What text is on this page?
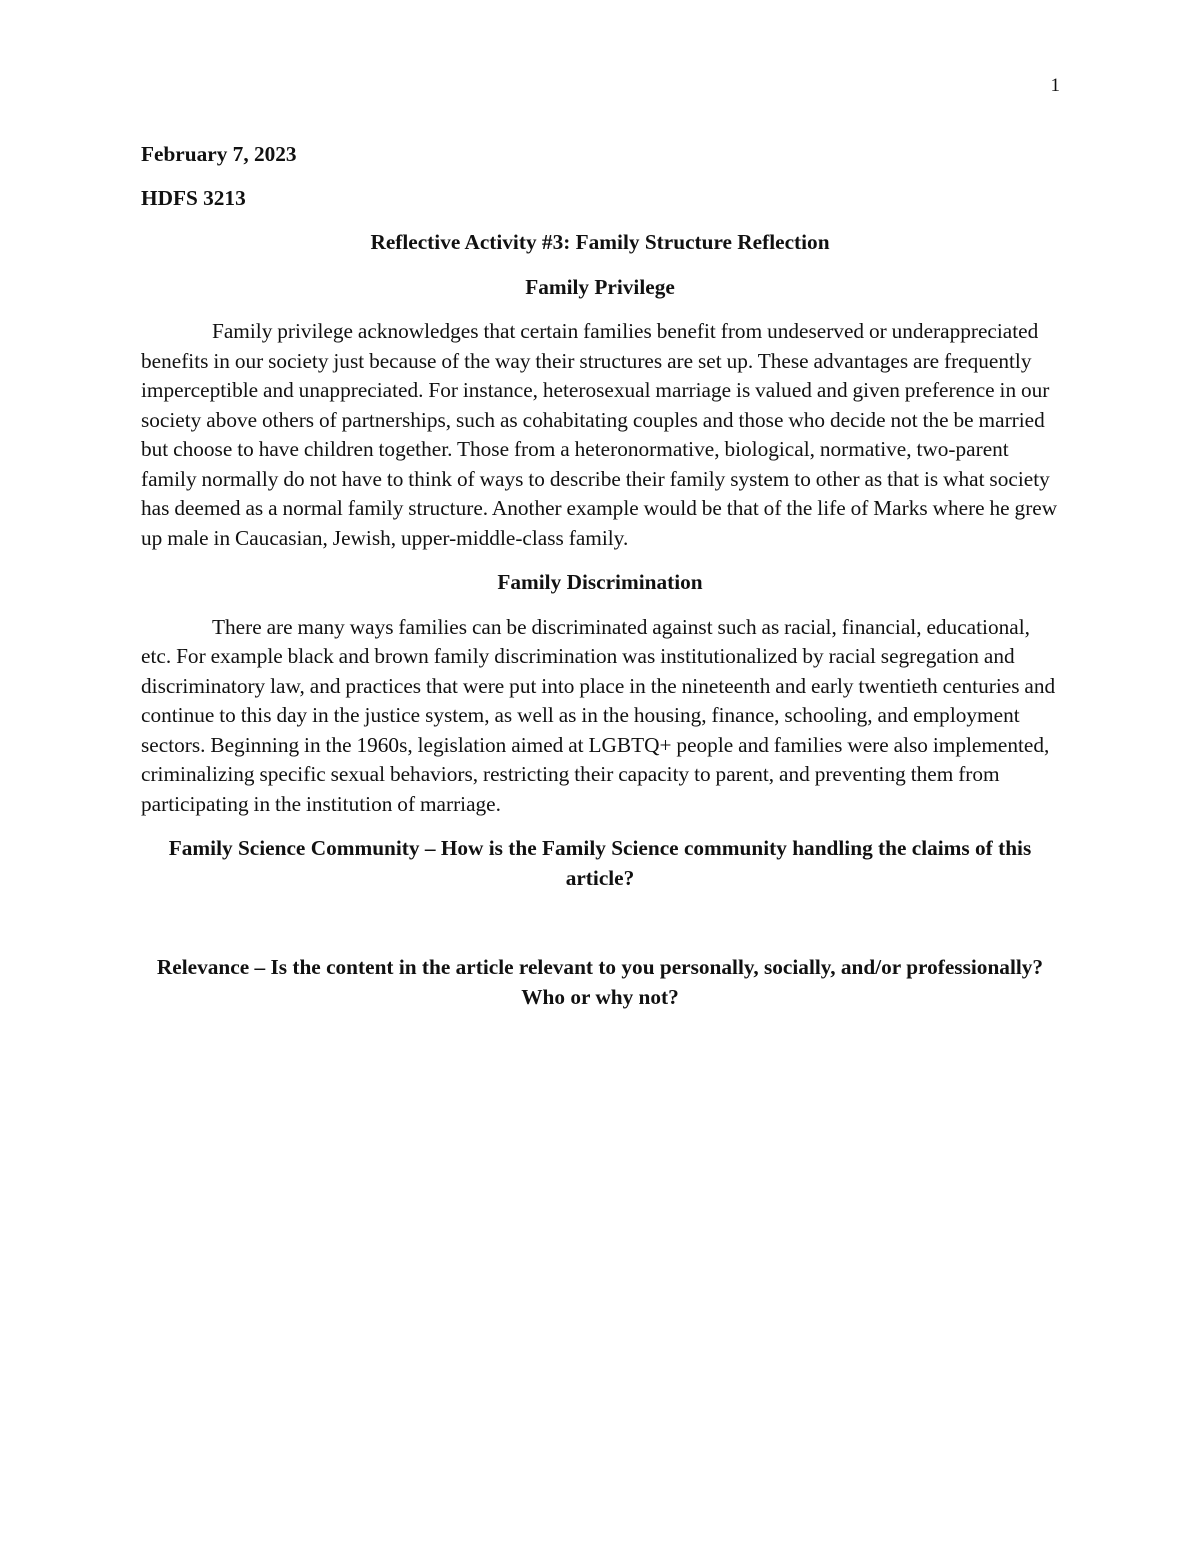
1
February 7, 2023
HDFS 3213
Reflective Activity #3: Family Structure Reflection
Family Privilege

Family privilege acknowledges that certain families benefit from undeserved or underappreciated benefits in our society just because of the way their structures are set up. These advantages are frequently imperceptible and unappreciated. For instance, heterosexual marriage is valued and given preference in our society above others of partnerships, such as cohabitating couples and those who decide not the be married but choose to have children together. Those from a heteronormative, biological, normative, two-parent family normally do not have to think of ways to describe their family system to other as that is what society has deemed as a normal family structure. Another example would be that of the life of Marks where he grew up male in Caucasian, Jewish, upper-middle-class family.

Family Discrimination

There are many ways families can be discriminated against such as racial, financial, educational, etc. For example black and brown family discrimination was institutionalized by racial segregation and discriminatory law, and practices that were put into place in the nineteenth and early twentieth centuries and continue to this day in the justice system, as well as in the housing, finance, schooling, and employment sectors. Beginning in the 1960s, legislation aimed at LGBTQ+ people and families were also implemented, criminalizing specific sexual behaviors, restricting their capacity to parent, and preventing them from participating in the institution of marriage.

Family Science Community – How is the Family Science community handling the claims of this article?

Relevance – Is the content in the article relevant to you personally, socially, and/or professionally? Who or why not?
